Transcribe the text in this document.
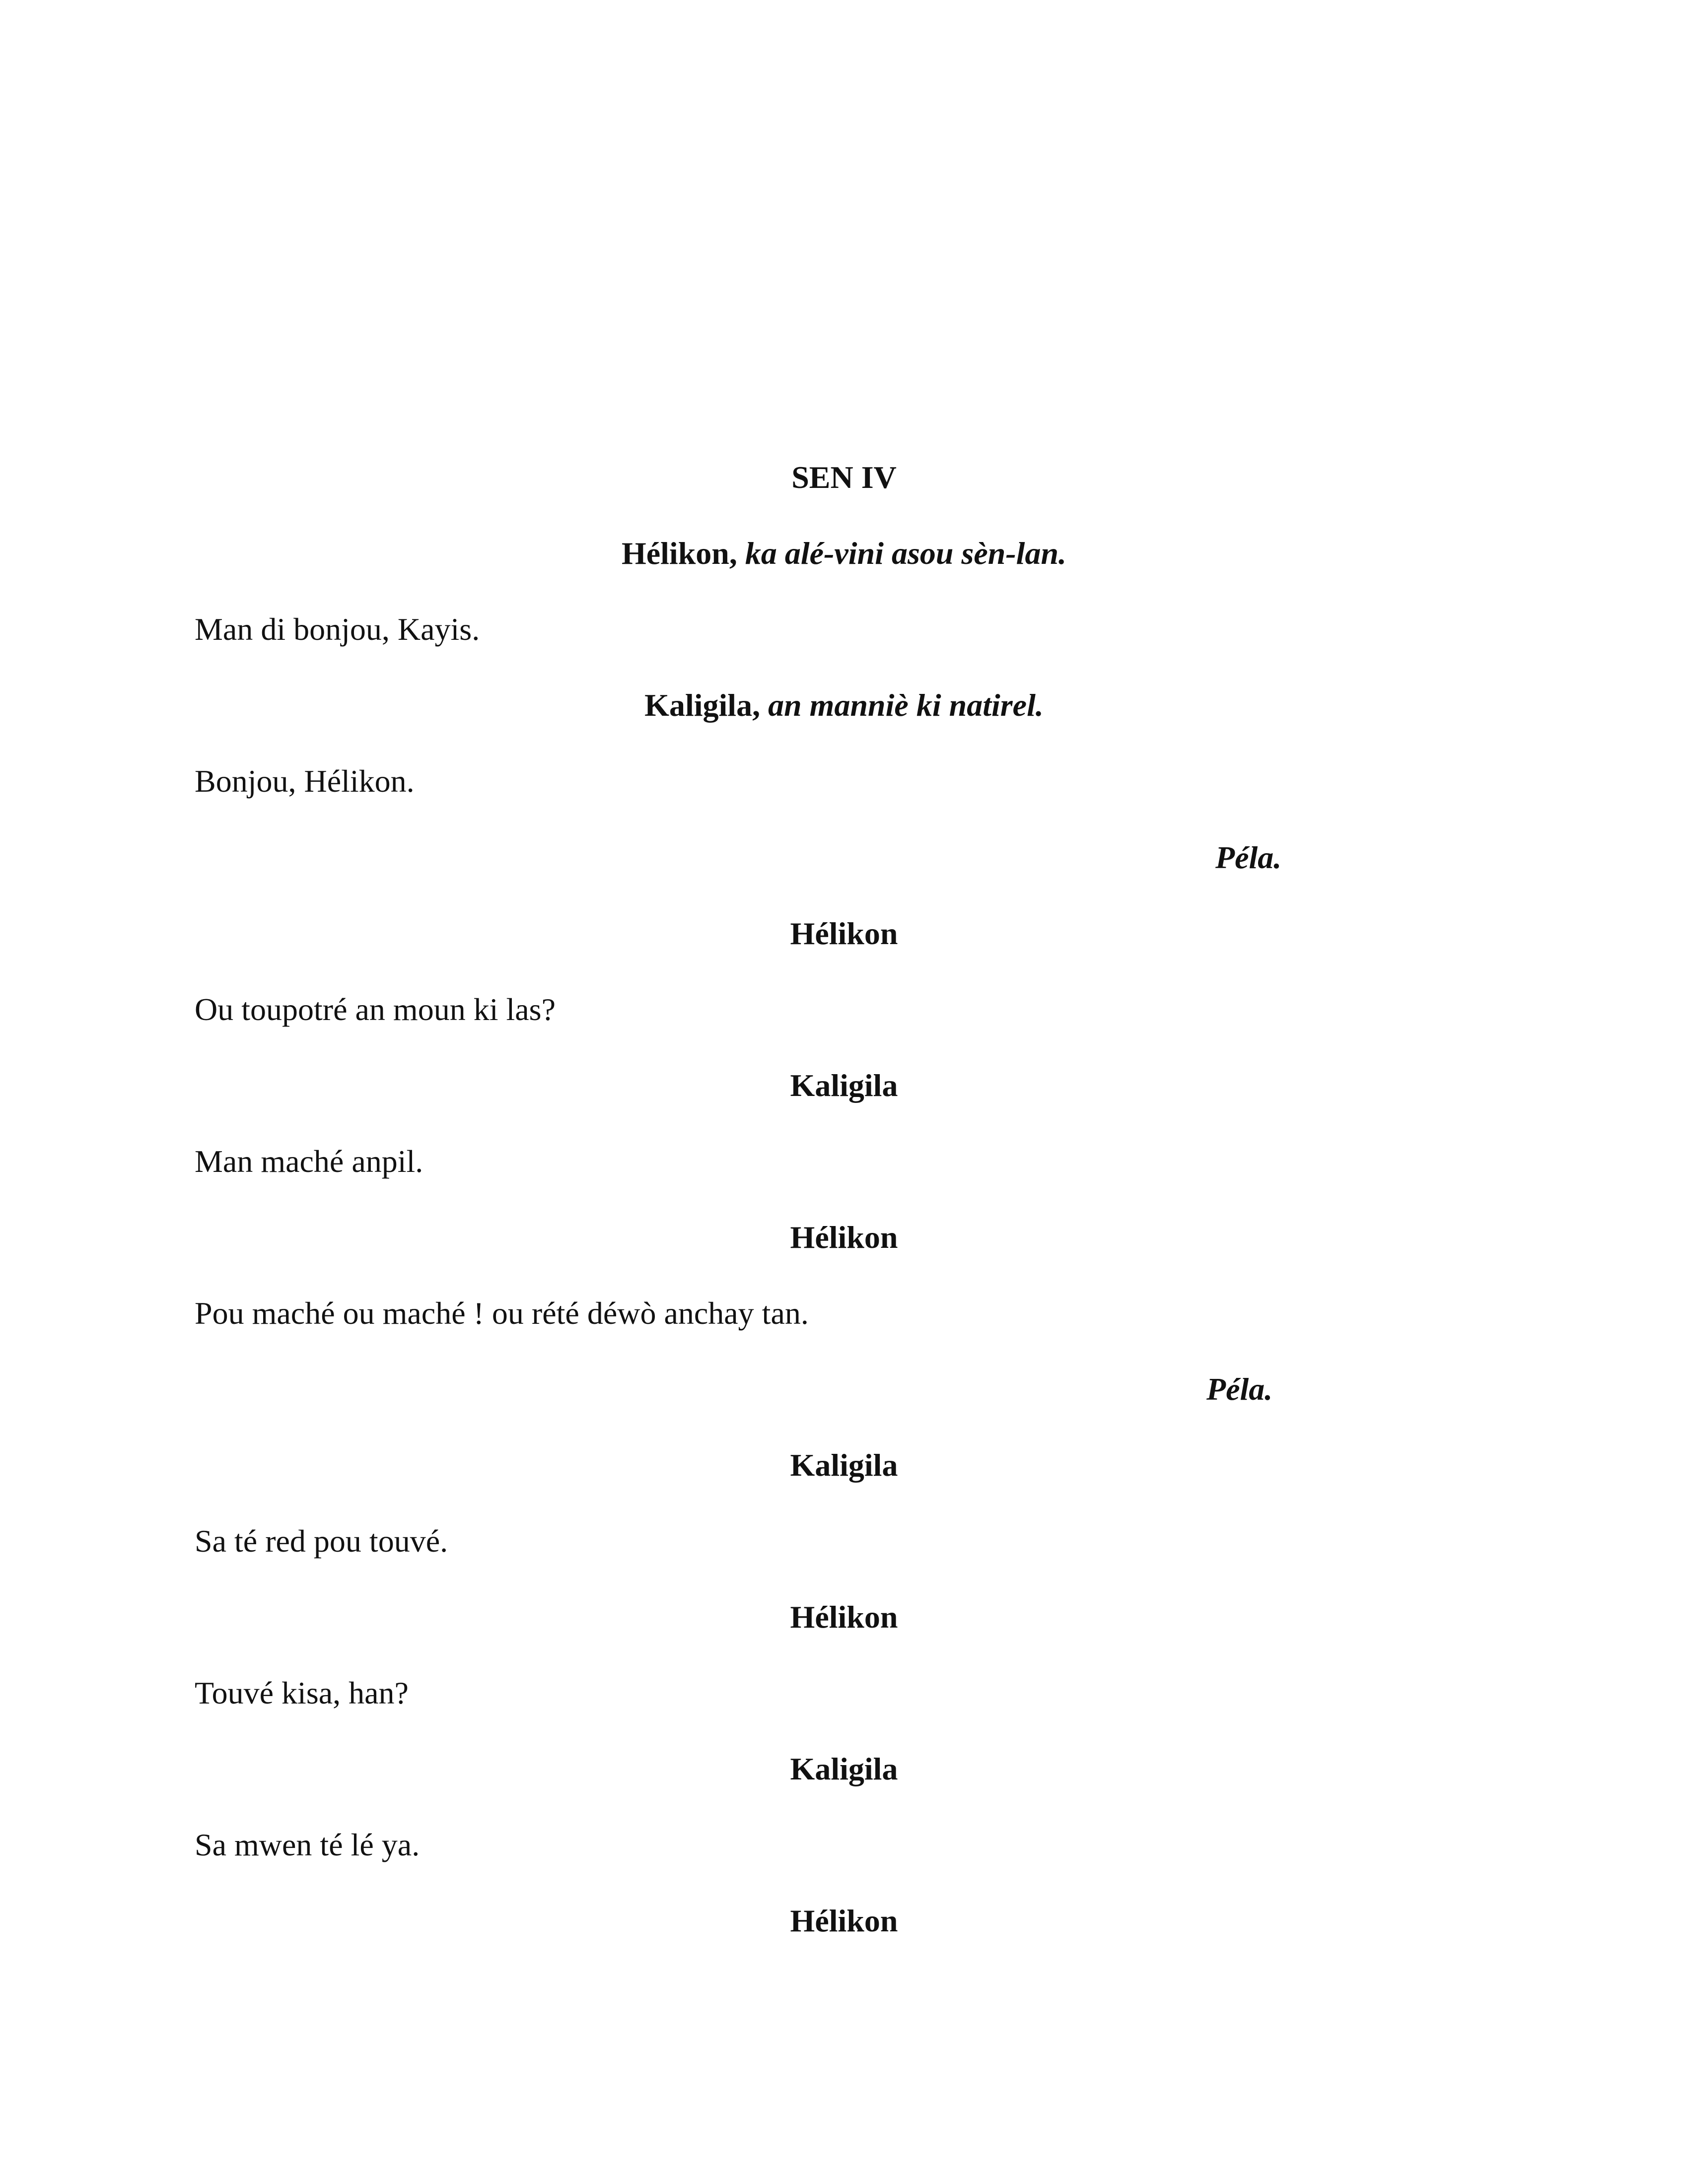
SEN IV
Hélikon, ka alé-vini asou sèn-lan.
Man di bonjou, Kayis.
Kaligila, an manniè ki natirel.
Bonjou, Hélikon.
Péla.
Hélikon
Ou toupotré an moun ki las?
Kaligila
Man maché anpil.
Hélikon
Pou maché ou maché ! ou rété déwò anchay tan.
Péla.
Kaligila
Sa té red pou touvé.
Hélikon
Touvé kisa, han?
Kaligila
Sa mwen té lé ya.
Hélikon
